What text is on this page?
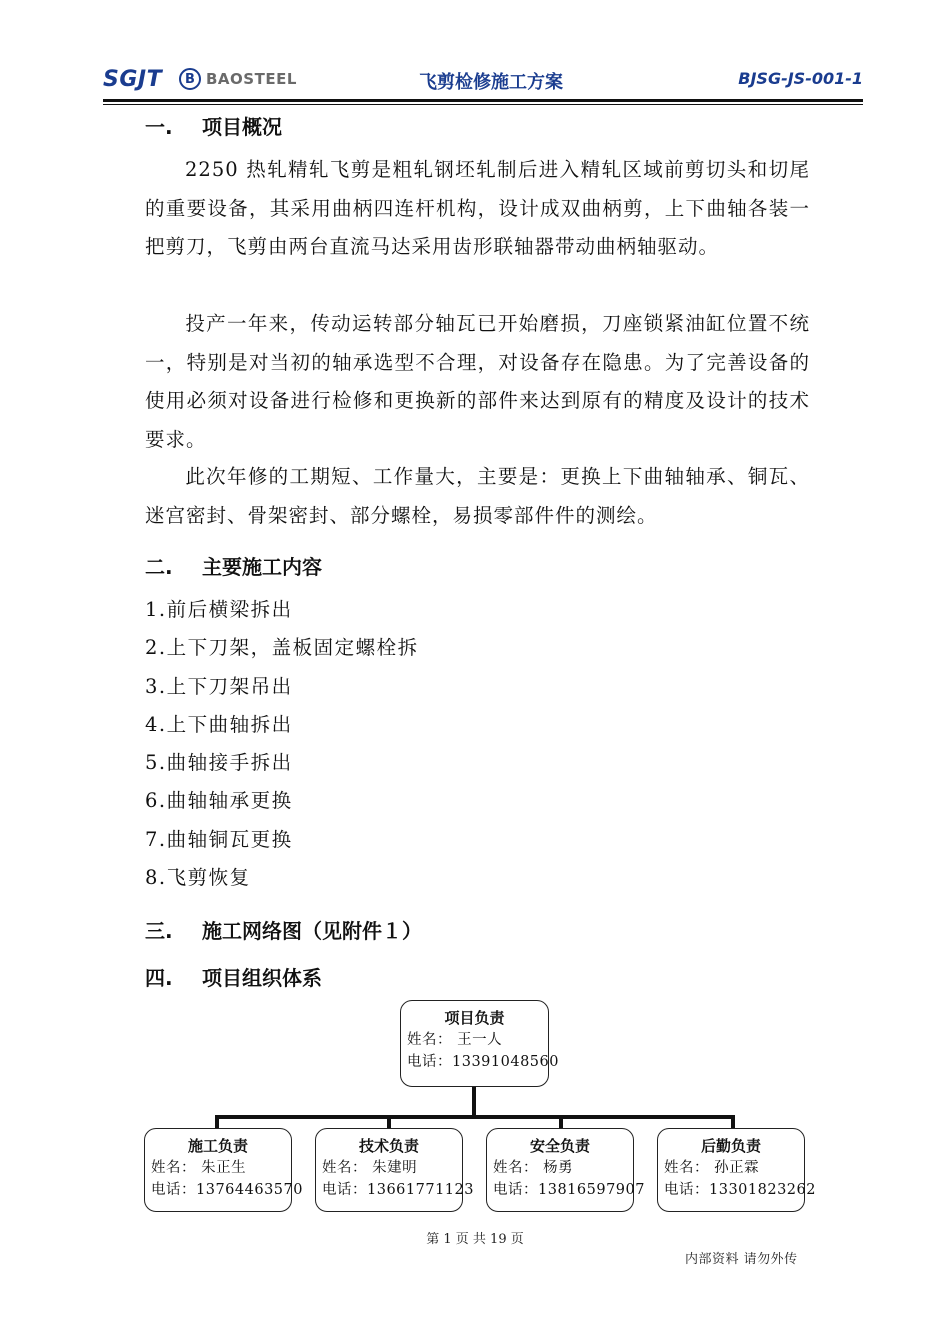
SGJT	B BAOSTEEL	飞剪检修施工方案	BJSG-JS-001-1
一. 项目概况
2250 热轧精轧飞剪是粗轧钢坯轧制后进入精轧区域前剪切头和切尾的重要设备，其采用曲柄四连杆机构，设计成双曲柄剪，上下曲轴各装一把剪刀，飞剪由两台直流马达采用齿形联轴器带动曲柄轴驱动。
投产一年来，传动运转部分轴瓦已开始磨损，刀座锁紧油缸位置不统一，特别是对当初的轴承选型不合理，对设备存在隐患。为了完善设备的使用必须对设备进行检修和更换新的部件来达到原有的精度及设计的技术要求。
此次年修的工期短、工作量大，主要是：更换上下曲轴轴承、铜瓦、迷宫密封、骨架密封、部分螺栓，易损零部件件的测绘。
二. 主要施工内容
1.前后横梁拆出
2.上下刀架，盖板固定螺栓拆
3.上下刀架吊出
4.上下曲轴拆出
5.曲轴接手拆出
6.曲轴轴承更换
7.曲轴铜瓦更换
8.飞剪恢复
三. 施工网络图（见附件１）
四. 项目组织体系
项目负责
姓名： 王一人
电话：13391048560
施工负责
姓名： 朱正生
电话：13764463570
技术负责
姓名： 朱建明
电话：13661771123
安全负责
姓名： 杨勇
电话：13816597907
后勤负责
姓名： 孙正霖
电话：13301823262
第 1 页 共 19 页
内部资料 请勿外传
